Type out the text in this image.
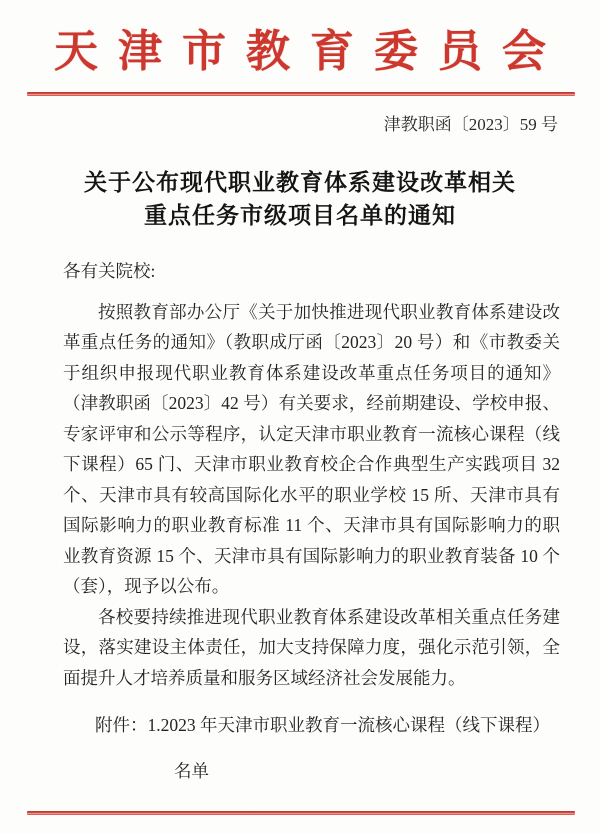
天津市教育委员会
津教职函〔2023〕59 号
关于公布现代职业教育体系建设改革相关
重点任务市级项目名单的通知
各有关院校:

按照教育部办公厅《关于加快推进现代职业教育体系建设改革重点任务的通知》（教职成厅函〔2023〕20 号）和《市教委关于组织申报现代职业教育体系建设改革重点任务项目的通知》（津教职函〔2023〕42 号）有关要求，经前期建设、学校申报、专家评审和公示等程序，认定天津市职业教育一流核心课程（线下课程）65 门、天津市职业教育校企合作典型生产实践项目 32 个、天津市具有较高国际化水平的职业学校 15 所、天津市具有国际影响力的职业教育标准 11 个、天津市具有国际影响力的职业教育资源 15 个、天津市具有国际影响力的职业教育装备 10 个（套），现予以公布。

各校要持续推进现代职业教育体系建设改革相关重点任务建设，落实建设主体责任，加大支持保障力度，强化示范引领，全面提升人才培养质量和服务区域经济社会发展能力。

附件：1.2023 年天津市职业教育一流核心课程（线下课程）
名单
